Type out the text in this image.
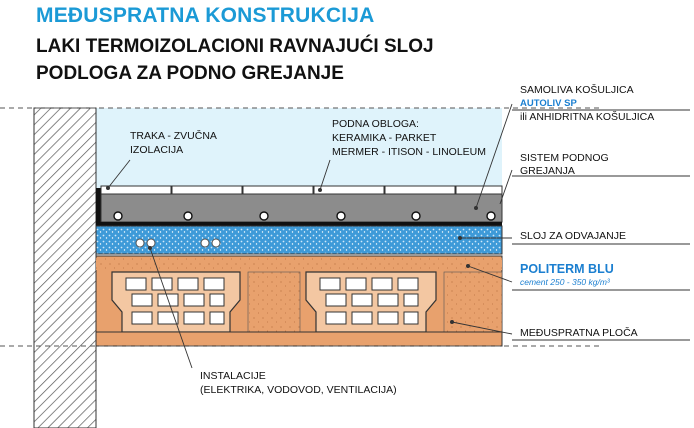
MEĐUSPRATNA KONSTRUKCIJA
LAKI TERMOIZOLACIONI RAVNAJUĆI SLOJ
PODLOGA ZA PODNO GREJANJE
TRAKA - ZVUČNA
IZOLACIJA
PODNA OBLOGA:
KERAMIKA - PARKET
MERMER - ITISON - LINOLEUM
INSTALACIJE
(ELEKTRIKA, VODOVOD, VENTILACIJA)
SAMOLIVA KOŠULJICA
AUTOLIV SP
ili ANHIDRITNA KOŠULJICA
SISTEM PODNOG
GREJANJA
SLOJ ZA ODVAJANJE
POLITERM BLU
cement 250 - 350 kg/m³
MEĐUSPRATNA PLOČA
